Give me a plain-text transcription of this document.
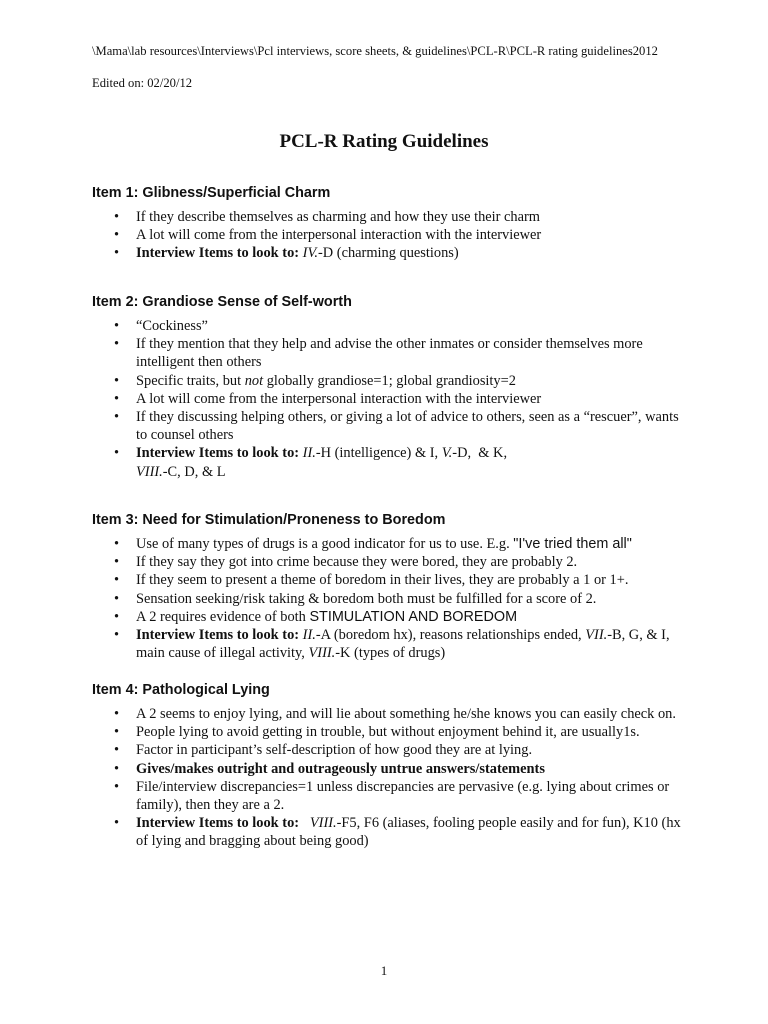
\Mama\lab resources\Interviews\Pcl interviews, score sheets, & guidelines\PCL-R\PCL-R rating guidelines2012
Edited on: 02/20/12
PCL-R Rating Guidelines
Item 1: Glibness/Superficial Charm
• If they describe themselves as charming and how they use their charm
• A lot will come from the interpersonal interaction with the interviewer
• Interview Items to look to: IV.-D (charming questions)
Item 2: Grandiose Sense of Self-worth
• “Cockiness”
• If they mention that they help and advise the other inmates or consider themselves more intelligent then others
• Specific traits, but not globally grandiose=1; global grandiosity=2
• A lot will come from the interpersonal interaction with the interviewer
• If they discussing helping others, or giving a lot of advice to others, seen as a “rescuer”, wants to counsel others
• Interview Items to look to: II.-H (intelligence) & I, V.-D,  & K,
VIII.-C, D, & L
Item 3: Need for Stimulation/Proneness to Boredom
• Use of many types of drugs is a good indicator for us to use. E.g. "I've tried them all"
• If they say they got into crime because they were bored, they are probably 2.
• If they seem to present a theme of boredom in their lives, they are probably a 1 or 1+.
• Sensation seeking/risk taking & boredom both must be fulfilled for a score of 2.
• A 2 requires evidence of both STIMULATION AND BOREDOM
• Interview Items to look to: II.-A (boredom hx), reasons relationships ended, VII.-B, G, & I, main cause of illegal activity, VIII.-K (types of drugs)
Item 4: Pathological Lying
• A 2 seems to enjoy lying, and will lie about something he/she knows you can easily check on.
• People lying to avoid getting in trouble, but without enjoyment behind it, are usually1s.
• Factor in participant’s self-description of how good they are at lying.
• Gives/makes outright and outrageously untrue answers/statements
• File/interview discrepancies=1 unless discrepancies are pervasive (e.g. lying about crimes or family), then they are a 2.
• Interview Items to look to: VIII.-F5, F6 (aliases, fooling people easily and for fun), K10 (hx of lying and bragging about being good)
1
